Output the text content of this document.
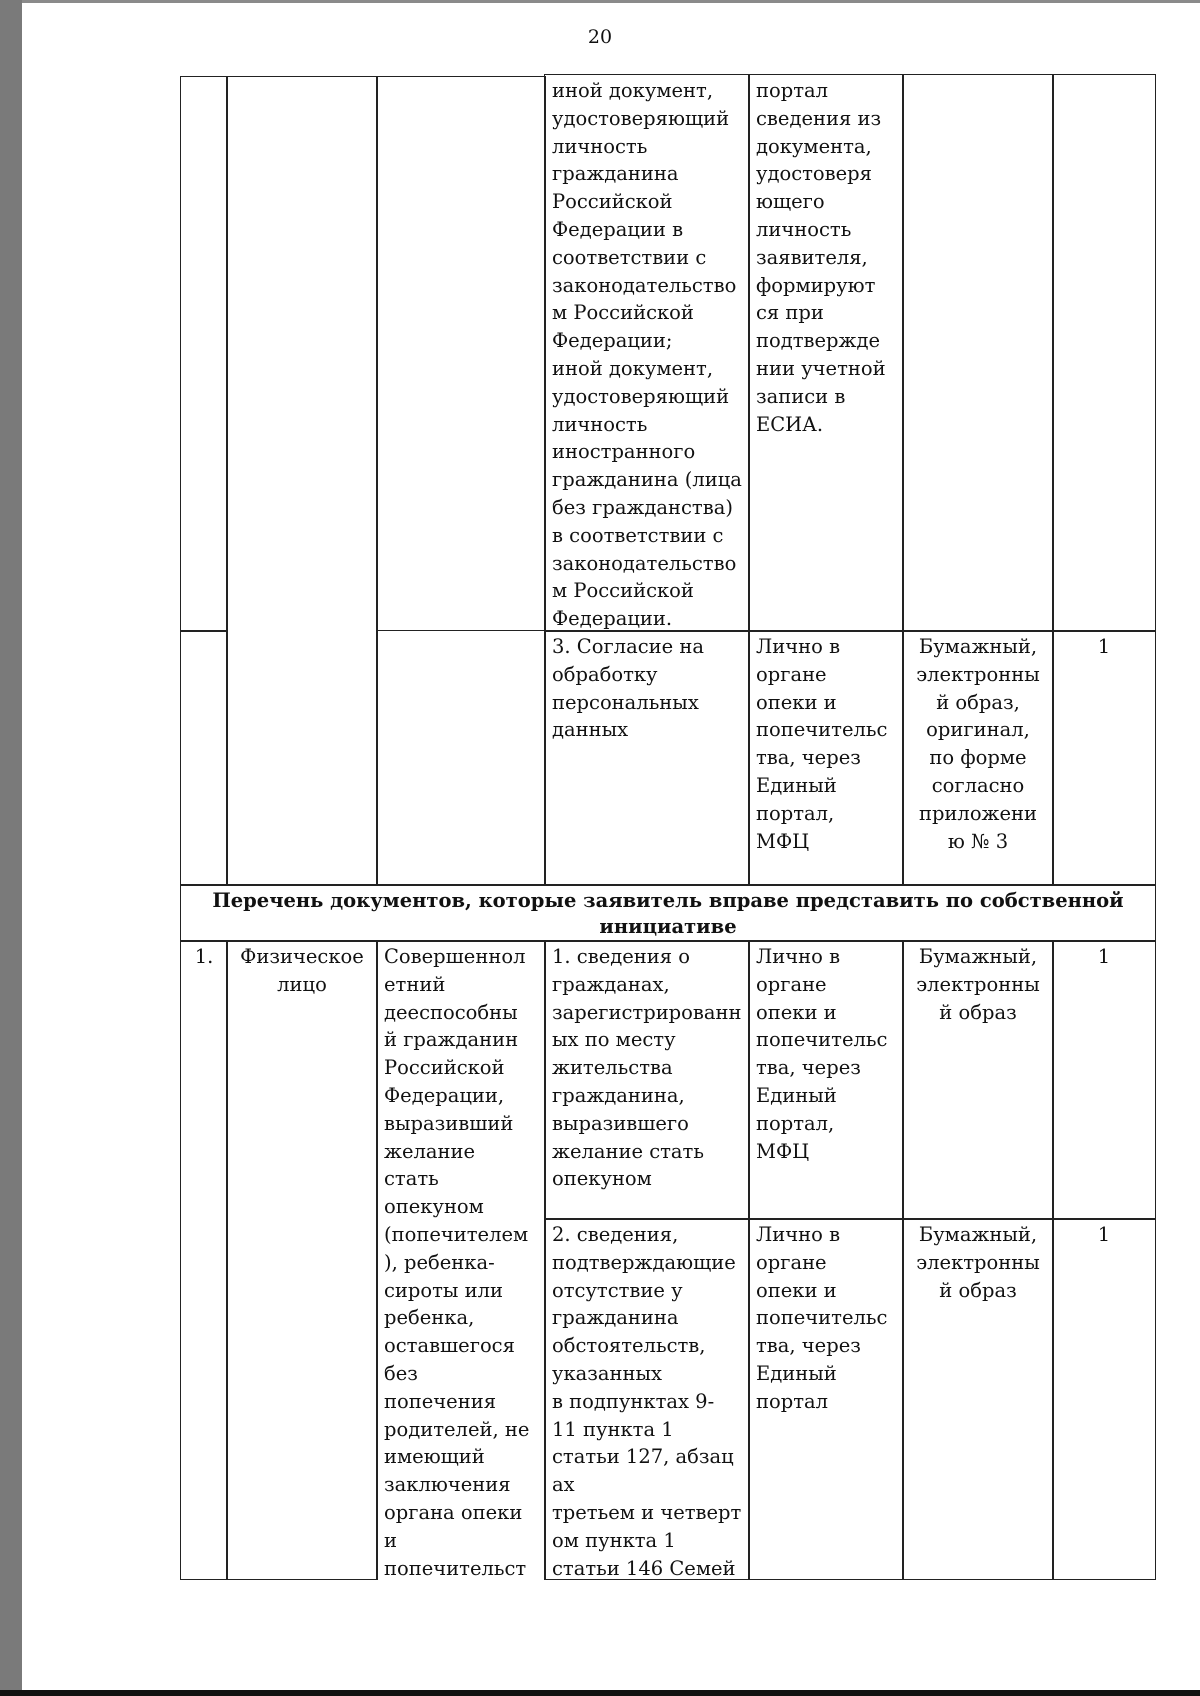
20
иной документ,
удостоверяющий
личность
гражданина
Российской
Федерации в
соответствии с
законодательство
м Российской
Федерации;
иной документ,
удостоверяющий
личность
иностранного
гражданина (лица
без гражданства)
в соответствии с
законодательство
м Российской
Федерации.
портал
сведения из
документа,
удостоверя
ющего
личность
заявителя,
формируют
ся при
подтвержде
нии учетной
записи в
ЕСИА.
3. Согласие на
обработку
персональных
данных
Лично в
органе
опеки и
попечительс
тва, через
Единый
портал,
МФЦ
Бумажный,
электронны
й образ,
оригинал,
по форме
согласно
приложени
ю № 3
1
Перечень документов, которые заявитель вправе представить по собственной
инициативе
1.	Физическое
лицо
Совершеннол
етний
дееспособны
й гражданин
Российской
Федерации,
выразивший
желание
стать
опекуном
(попечителем
), ребенка-
сироты или
ребенка,
оставшегося
без
попечения
родителей, не
имеющий
заключения
органа опеки
и
попечительст
1. сведения о
гражданах,
зарегистрированн
ых по месту
жительства
гражданина,
выразившего
желание стать
опекуном
Лично в
органе
опеки и
попечительс
тва, через
Единый
портал,
МФЦ
Бумажный,
электронны
й образ
1
2. сведения,
подтверждающие
отсутствие у
гражданина
обстоятельств,
указанных
в подпунктах 9-
11 пункта 1
статьи 127, абзац
ах
третьем и четверт
ом пункта 1
статьи 146 Семей
Лично в
органе
опеки и
попечительс
тва, через
Единый
портал
Бумажный,
электронны
й образ
1
